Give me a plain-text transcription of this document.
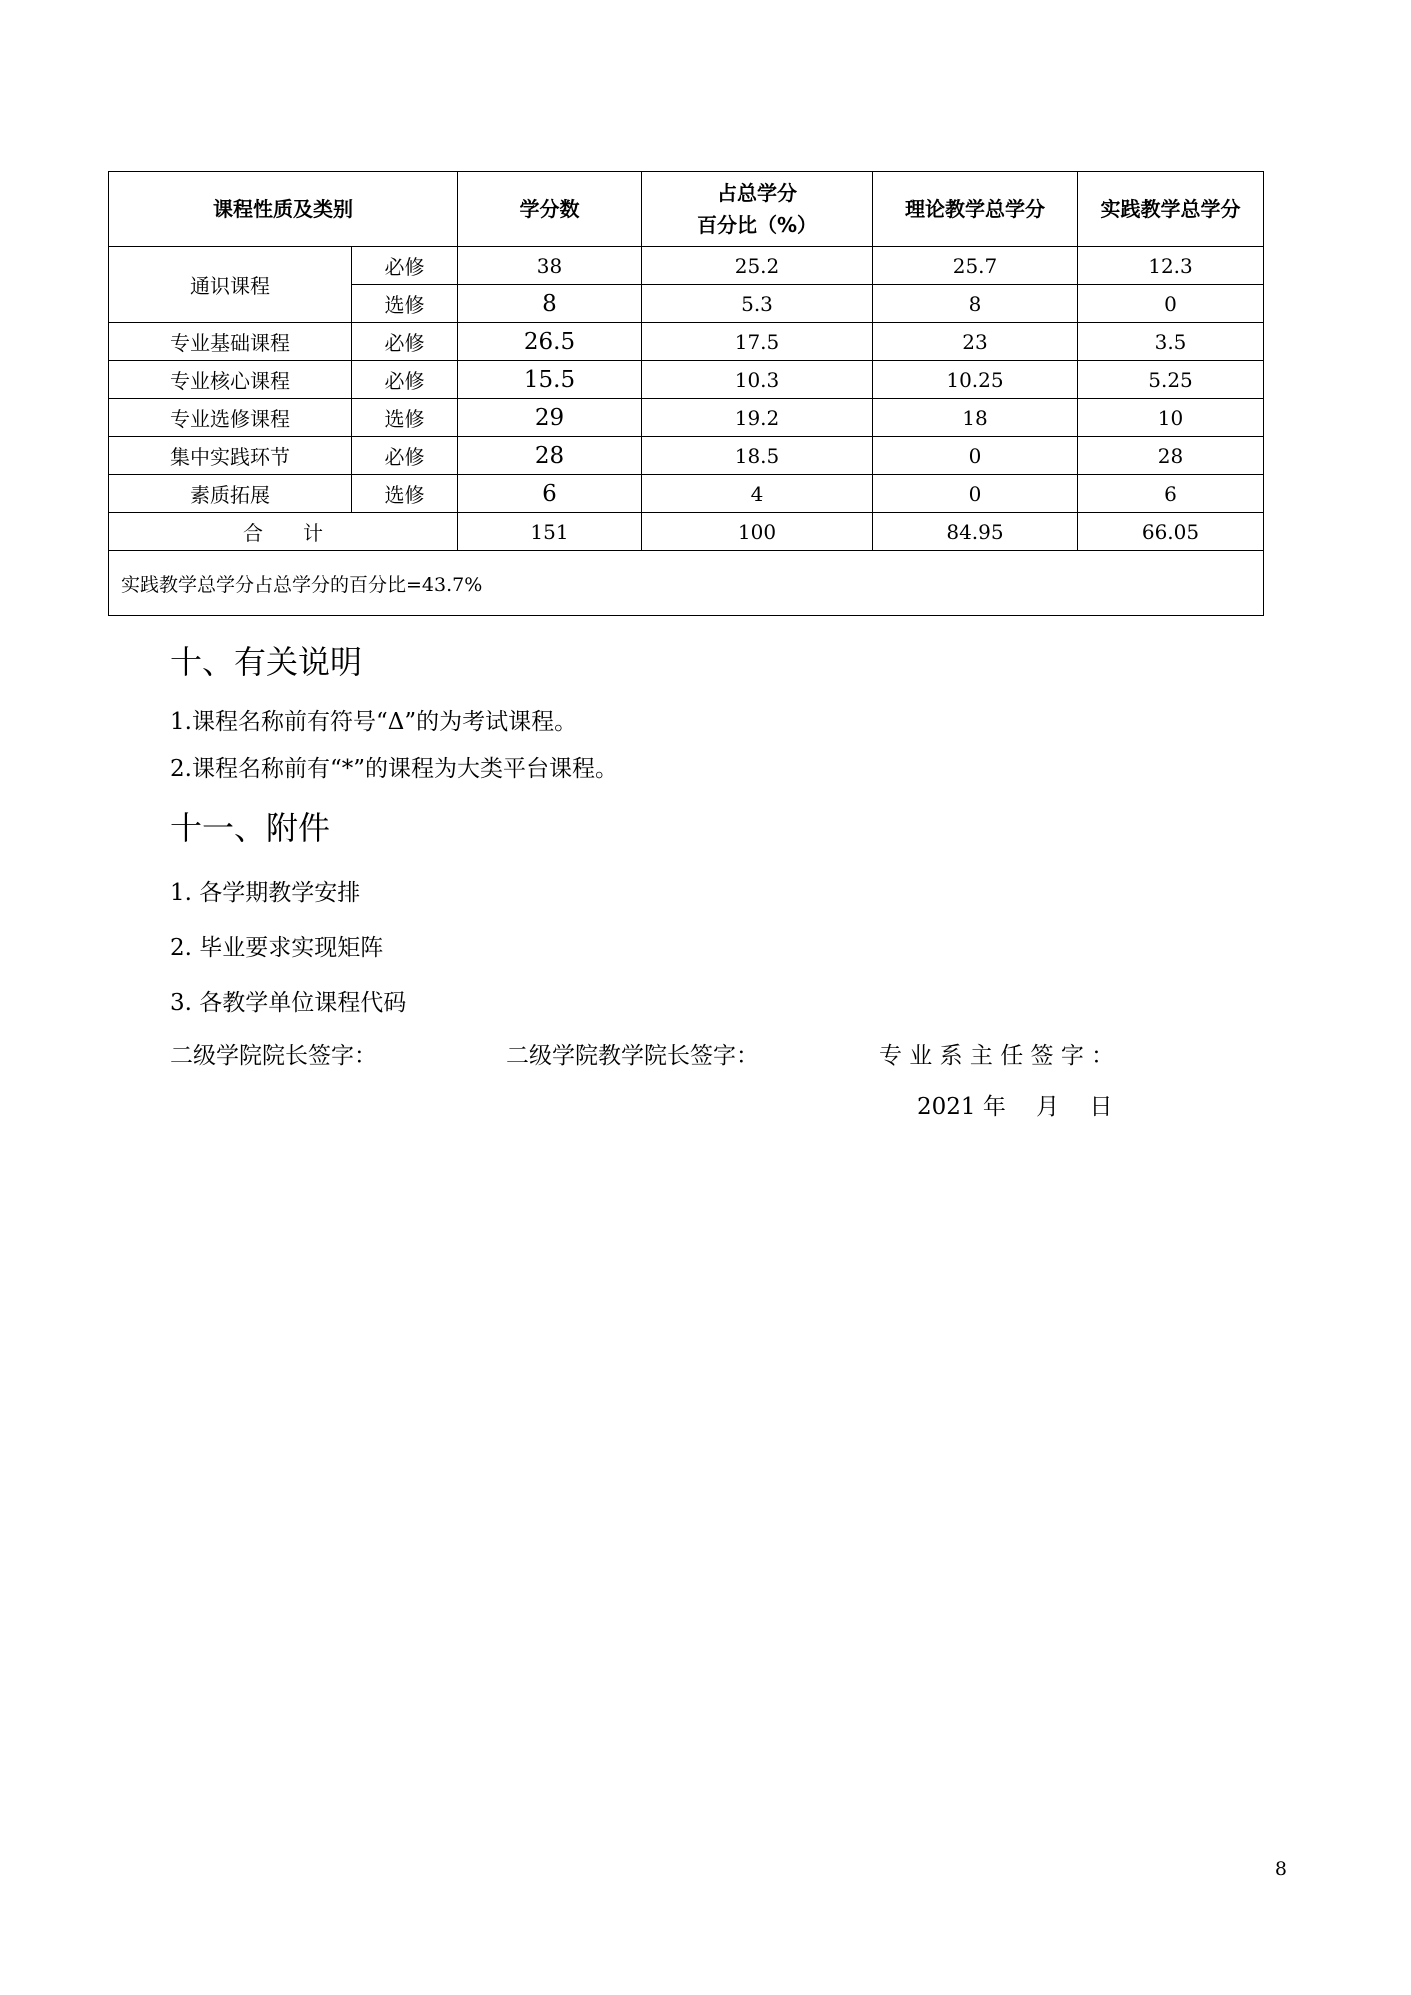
课程性质及类别		学分数	占总学分
百分比（%）	理论教学总学分	实践教学总学分
通识课程	必修	38	25.2	25.7	12.3
	选修	8	5.3	8	0
专业基础课程	必修	26.5	17.5	23	3.5
专业核心课程	必修	15.5	10.3	10.25	5.25
专业选修课程	选修	29	19.2	18	10
集中实践环节	必修	28	18.5	0	28
素质拓展	选修	6	4	0	6
合　　计		151	100	84.95	66.05
实践教学总学分占总学分的百分比=43.7%					
十、有关说明
1.课程名称前有符号“Δ”的为考试课程。
2.课程名称前有“*”的课程为大类平台课程。
十一、附件
1. 各学期教学安排
2. 毕业要求实现矩阵
3. 各教学单位课程代码
二级学院院长签字：	二级学院教学院长签字：	专 业 系 主 任 签 字 ：
2021 年　 月　 日
8
